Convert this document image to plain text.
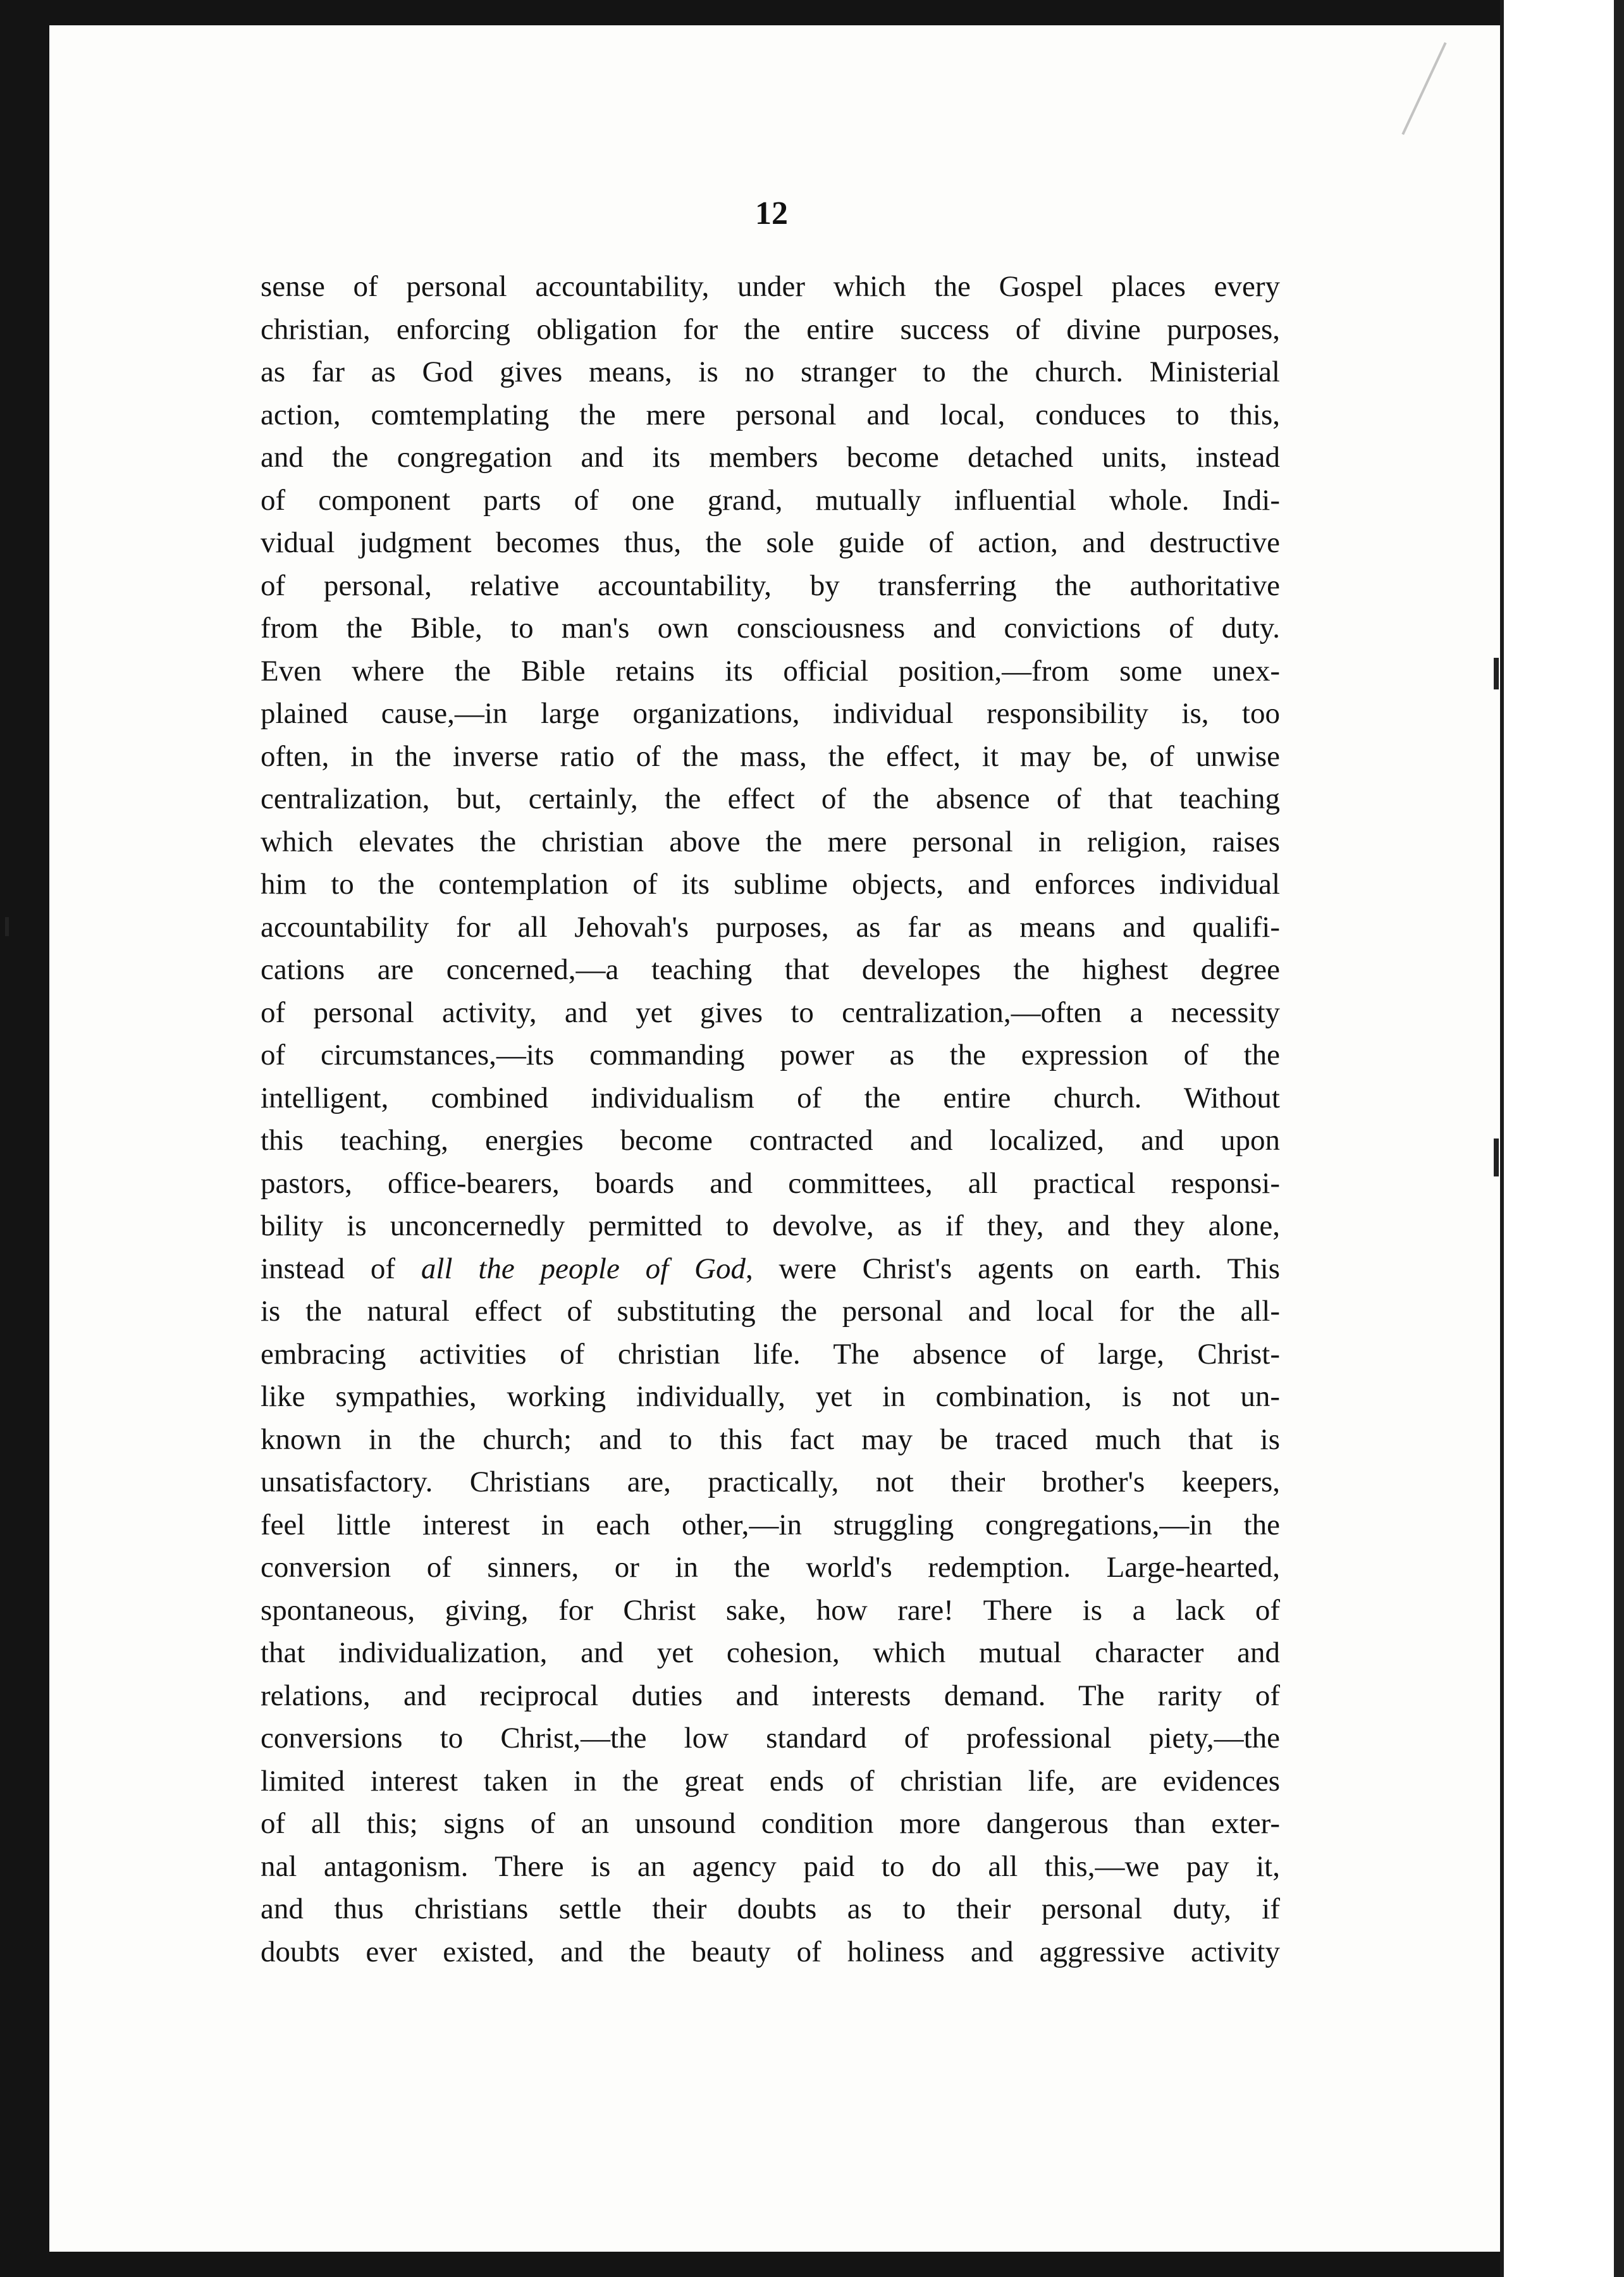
12
sense of personal accountability, under which the Gospel places every
christian, enforcing obligation for the entire success of divine purposes,
as far as God gives means, is no stranger to the church. Ministerial
action, comtemplating the mere personal and local, conduces to this,
and the congregation and its members become detached units, instead
of component parts of one grand, mutually influential whole. Indi-
vidual judgment becomes thus, the sole guide of action, and destructive
of personal, relative accountability, by transferring the authoritative
from the Bible, to man's own consciousness and convictions of duty.
Even where the Bible retains its official position,—from some unex-
plained cause,—in large organizations, individual responsibility is, too
often, in the inverse ratio of the mass, the effect, it may be, of unwise
centralization, but, certainly, the effect of the absence of that teaching
which elevates the christian above the mere personal in religion, raises
him to the contemplation of its sublime objects, and enforces individual
accountability for all Jehovah's purposes, as far as means and qualifi-
cations are concerned,—a teaching that developes the highest degree
of personal activity, and yet gives to centralization,—often a necessity
of circumstances,—its commanding power as the expression of the
intelligent, combined individualism of the entire church. Without
this teaching, energies become contracted and localized, and upon
pastors, office-bearers, boards and committees, all practical responsi-
bility is unconcernedly permitted to devolve, as if they, and they alone,
instead of all the people of God, were Christ's agents on earth. This
is the natural effect of substituting the personal and local for the all-
embracing activities of christian life. The absence of large, Christ-
like sympathies, working individually, yet in combination, is not un-
known in the church; and to this fact may be traced much that is
unsatisfactory. Christians are, practically, not their brother's keepers,
feel little interest in each other,—in struggling congregations,—in the
conversion of sinners, or in the world's redemption. Large-hearted,
spontaneous, giving, for Christ sake, how rare! There is a lack of
that individualization, and yet cohesion, which mutual character and
relations, and reciprocal duties and interests demand. The rarity of
conversions to Christ,—the low standard of professional piety,—the
limited interest taken in the great ends of christian life, are evidences
of all this; signs of an unsound condition more dangerous than exter-
nal antagonism. There is an agency paid to do all this,—we pay it,
and thus christians settle their doubts as to their personal duty, if
doubts ever existed, and the beauty of holiness and aggressive activity
